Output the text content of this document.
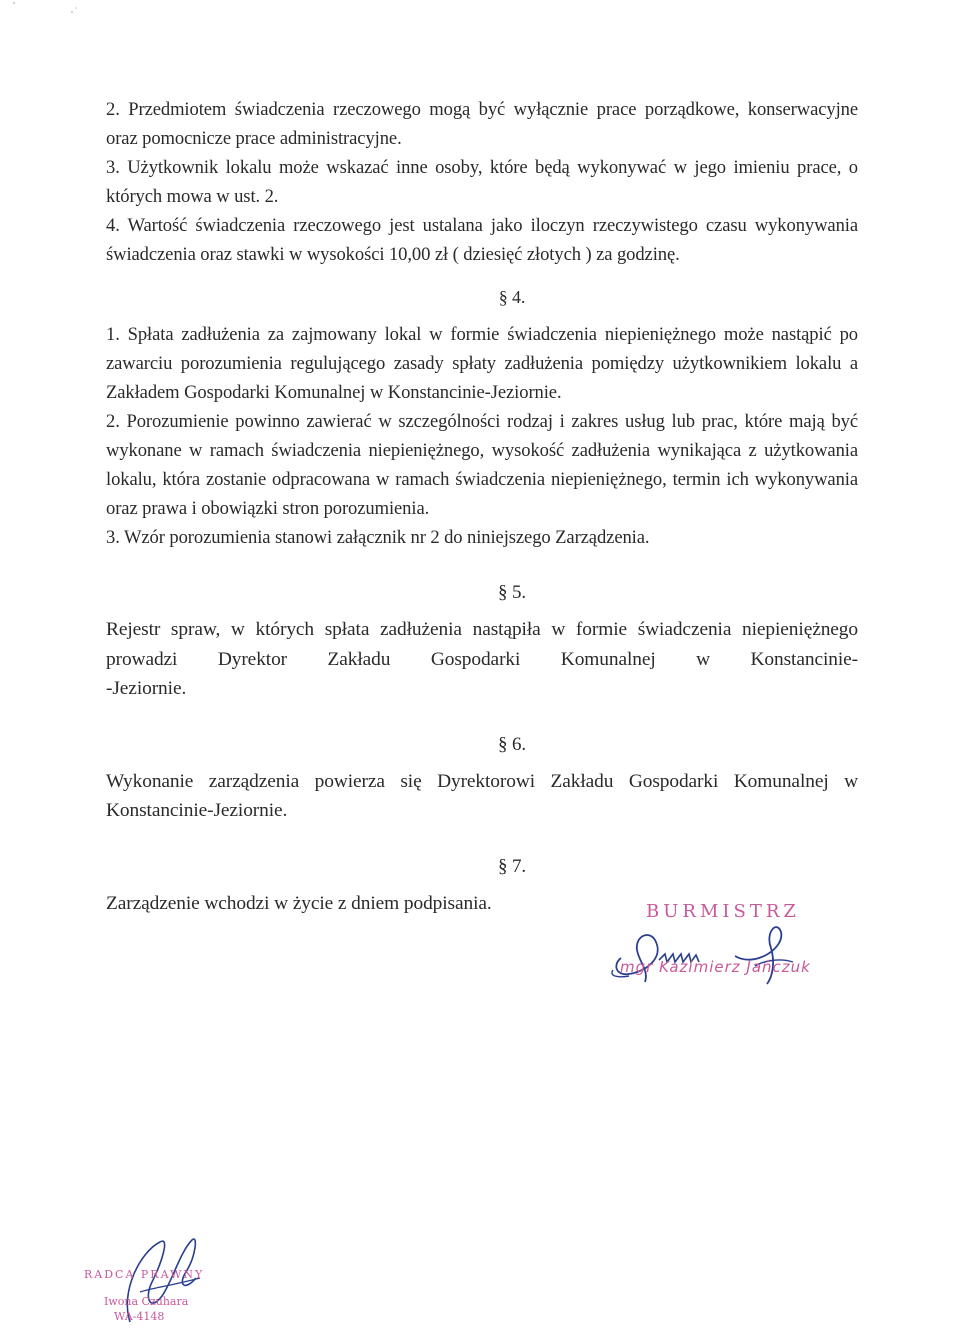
2. Przedmiotem świadczenia rzeczowego mogą być wyłącznie prace porządkowe, konserwacyjne oraz pomocnicze prace administracyjne.

3. Użytkownik lokalu może wskazać inne osoby, które będą wykonywać w jego imieniu prace, o których mowa w ust. 2.

4. Wartość świadczenia rzeczowego jest ustalana jako iloczyn rzeczywistego czasu wykonywania świadczenia oraz stawki w wysokości 10,00 zł ( dziesięć złotych ) za godzinę.

§ 4.

1. Spłata zadłużenia za zajmowany lokal w formie świadczenia niepieniężnego może nastąpić po zawarciu porozumienia regulującego zasady spłaty zadłużenia pomiędzy użytkownikiem lokalu a Zakładem Gospodarki Komunalnej w Konstancinie-Jeziornie.

2. Porozumienie powinno zawierać w szczególności rodzaj i zakres usług lub prac, które mają być wykonane w ramach świadczenia niepieniężnego, wysokość zadłużenia wynikająca z użytkowania lokalu, która zostanie odpracowana w ramach świadczenia niepieniężnego, termin ich wykonywania oraz prawa i obowiązki stron porozumienia.

3. Wzór porozumienia stanowi załącznik nr 2 do niniejszego Zarządzenia.

§ 5.

Rejestr spraw, w których spłata zadłużenia nastąpiła w formie świadczenia niepieniężnego prowadzi Dyrektor Zakładu Gospodarki Komunalnej w Konstancinie-

-Jeziornie.

§ 6.

Wykonanie zarządzenia powierza się Dyrektorowi Zakładu Gospodarki Komunalnej w Konstancinie-Jeziornie.

§ 7.

Zarządzenie wchodzi w życie z dniem podpisania.	BURMISTRZ
mgr Kazimierz Jańczuk
RADCA PRAWNY
Iwona Czuhara
WA-4148
